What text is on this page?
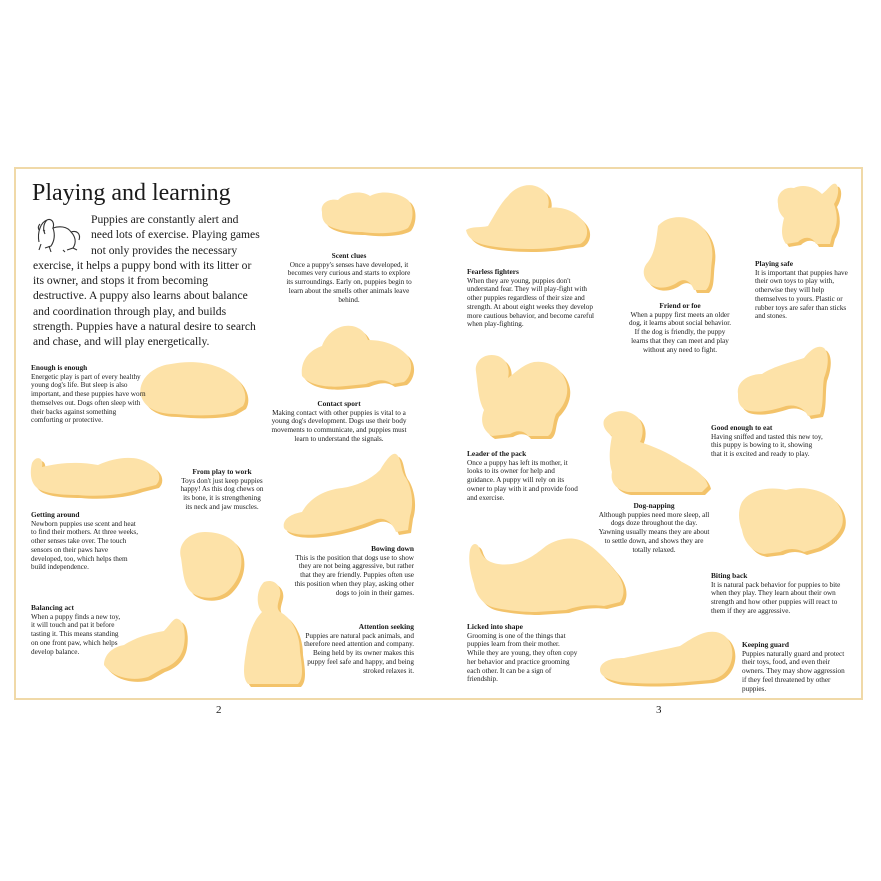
Playing and learning

Puppies are constantly alert and need lots of exercise. Playing games not only provides the necessary exercise, it helps a puppy bond with its litter or its owner, and stops it from becoming destructive. A puppy also learns about balance and coordination through play, and builds strength. Puppies have a natural desire to search and chase, and will play energetically.

Scent clues

Once a puppy's senses have developed, it becomes very curious and starts to explore its surroundings. Early on, puppies begin to learn about the smells other animals leave behind.

Enough is enough

Energetic play is part of every healthy young dog's life. But sleep is also important, and these puppies have worn themselves out. Dogs often sleep with their backs against something comforting or protective.

Contact sport

Making contact with other puppies is vital to a young dog's development. Dogs use their body movements to communicate, and puppies must learn to understand the signals.

From play to work

Toys don't just keep puppies happy! As this dog chews on its bone, it is strengthening its neck and jaw muscles.

Getting around

Newborn puppies use scent and heat to find their mothers. At three weeks, other senses take over. The touch sensors on their paws have developed, too, which helps them build independence.

Bowing down

This is the position that dogs use to show they are not being aggressive, but rather that they are friendly. Puppies often use this position when they play, asking other dogs to join in their games.

Balancing act

When a puppy finds a new toy, it will touch and pat it before tasting it. This means standing on one front paw, which helps develop balance.

Attention seeking

Puppies are natural pack animals, and therefore need attention and company. Being held by its owner makes this puppy feel safe and happy, and being stroked relaxes it.

Fearless fighters

When they are young, puppies don't understand fear. They will play-fight with other puppies regardless of their size and strength. At about eight weeks they develop more cautious behavior, and become careful when play-fighting.

Friend or foe

When a puppy first meets an older dog, it learns about social behavior. If the dog is friendly, the puppy learns that they can meet and play without any need to fight.

Playing safe

It is important that puppies have their own toys to play with, otherwise they will help themselves to yours. Plastic or rubber toys are safer than sticks and stones.

Leader of the pack

Once a puppy has left its mother, it looks to its owner for help and guidance. A puppy will rely on its owner to play with it and provide food and exercise.

Good enough to eat

Having sniffed and tasted this new toy, this puppy is bowing to it, showing that it is excited and ready to play.

Dog-napping

Although puppies need more sleep, all dogs doze throughout the day. Yawning usually means they are about to settle down, and shows they are totally relaxed.

Biting back

It is natural pack behavior for puppies to bite when they play. They learn about their own strength and how other puppies will react to them if they are aggressive.

Licked into shape

Grooming is one of the things that puppies learn from their mother. While they are young, they often copy her behavior and practice grooming each other. It can be a sign of friendship.

Keeping guard

Puppies naturally guard and protect their toys, food, and even their owners. They may show aggression if they feel threatened by other puppies.

2	3
